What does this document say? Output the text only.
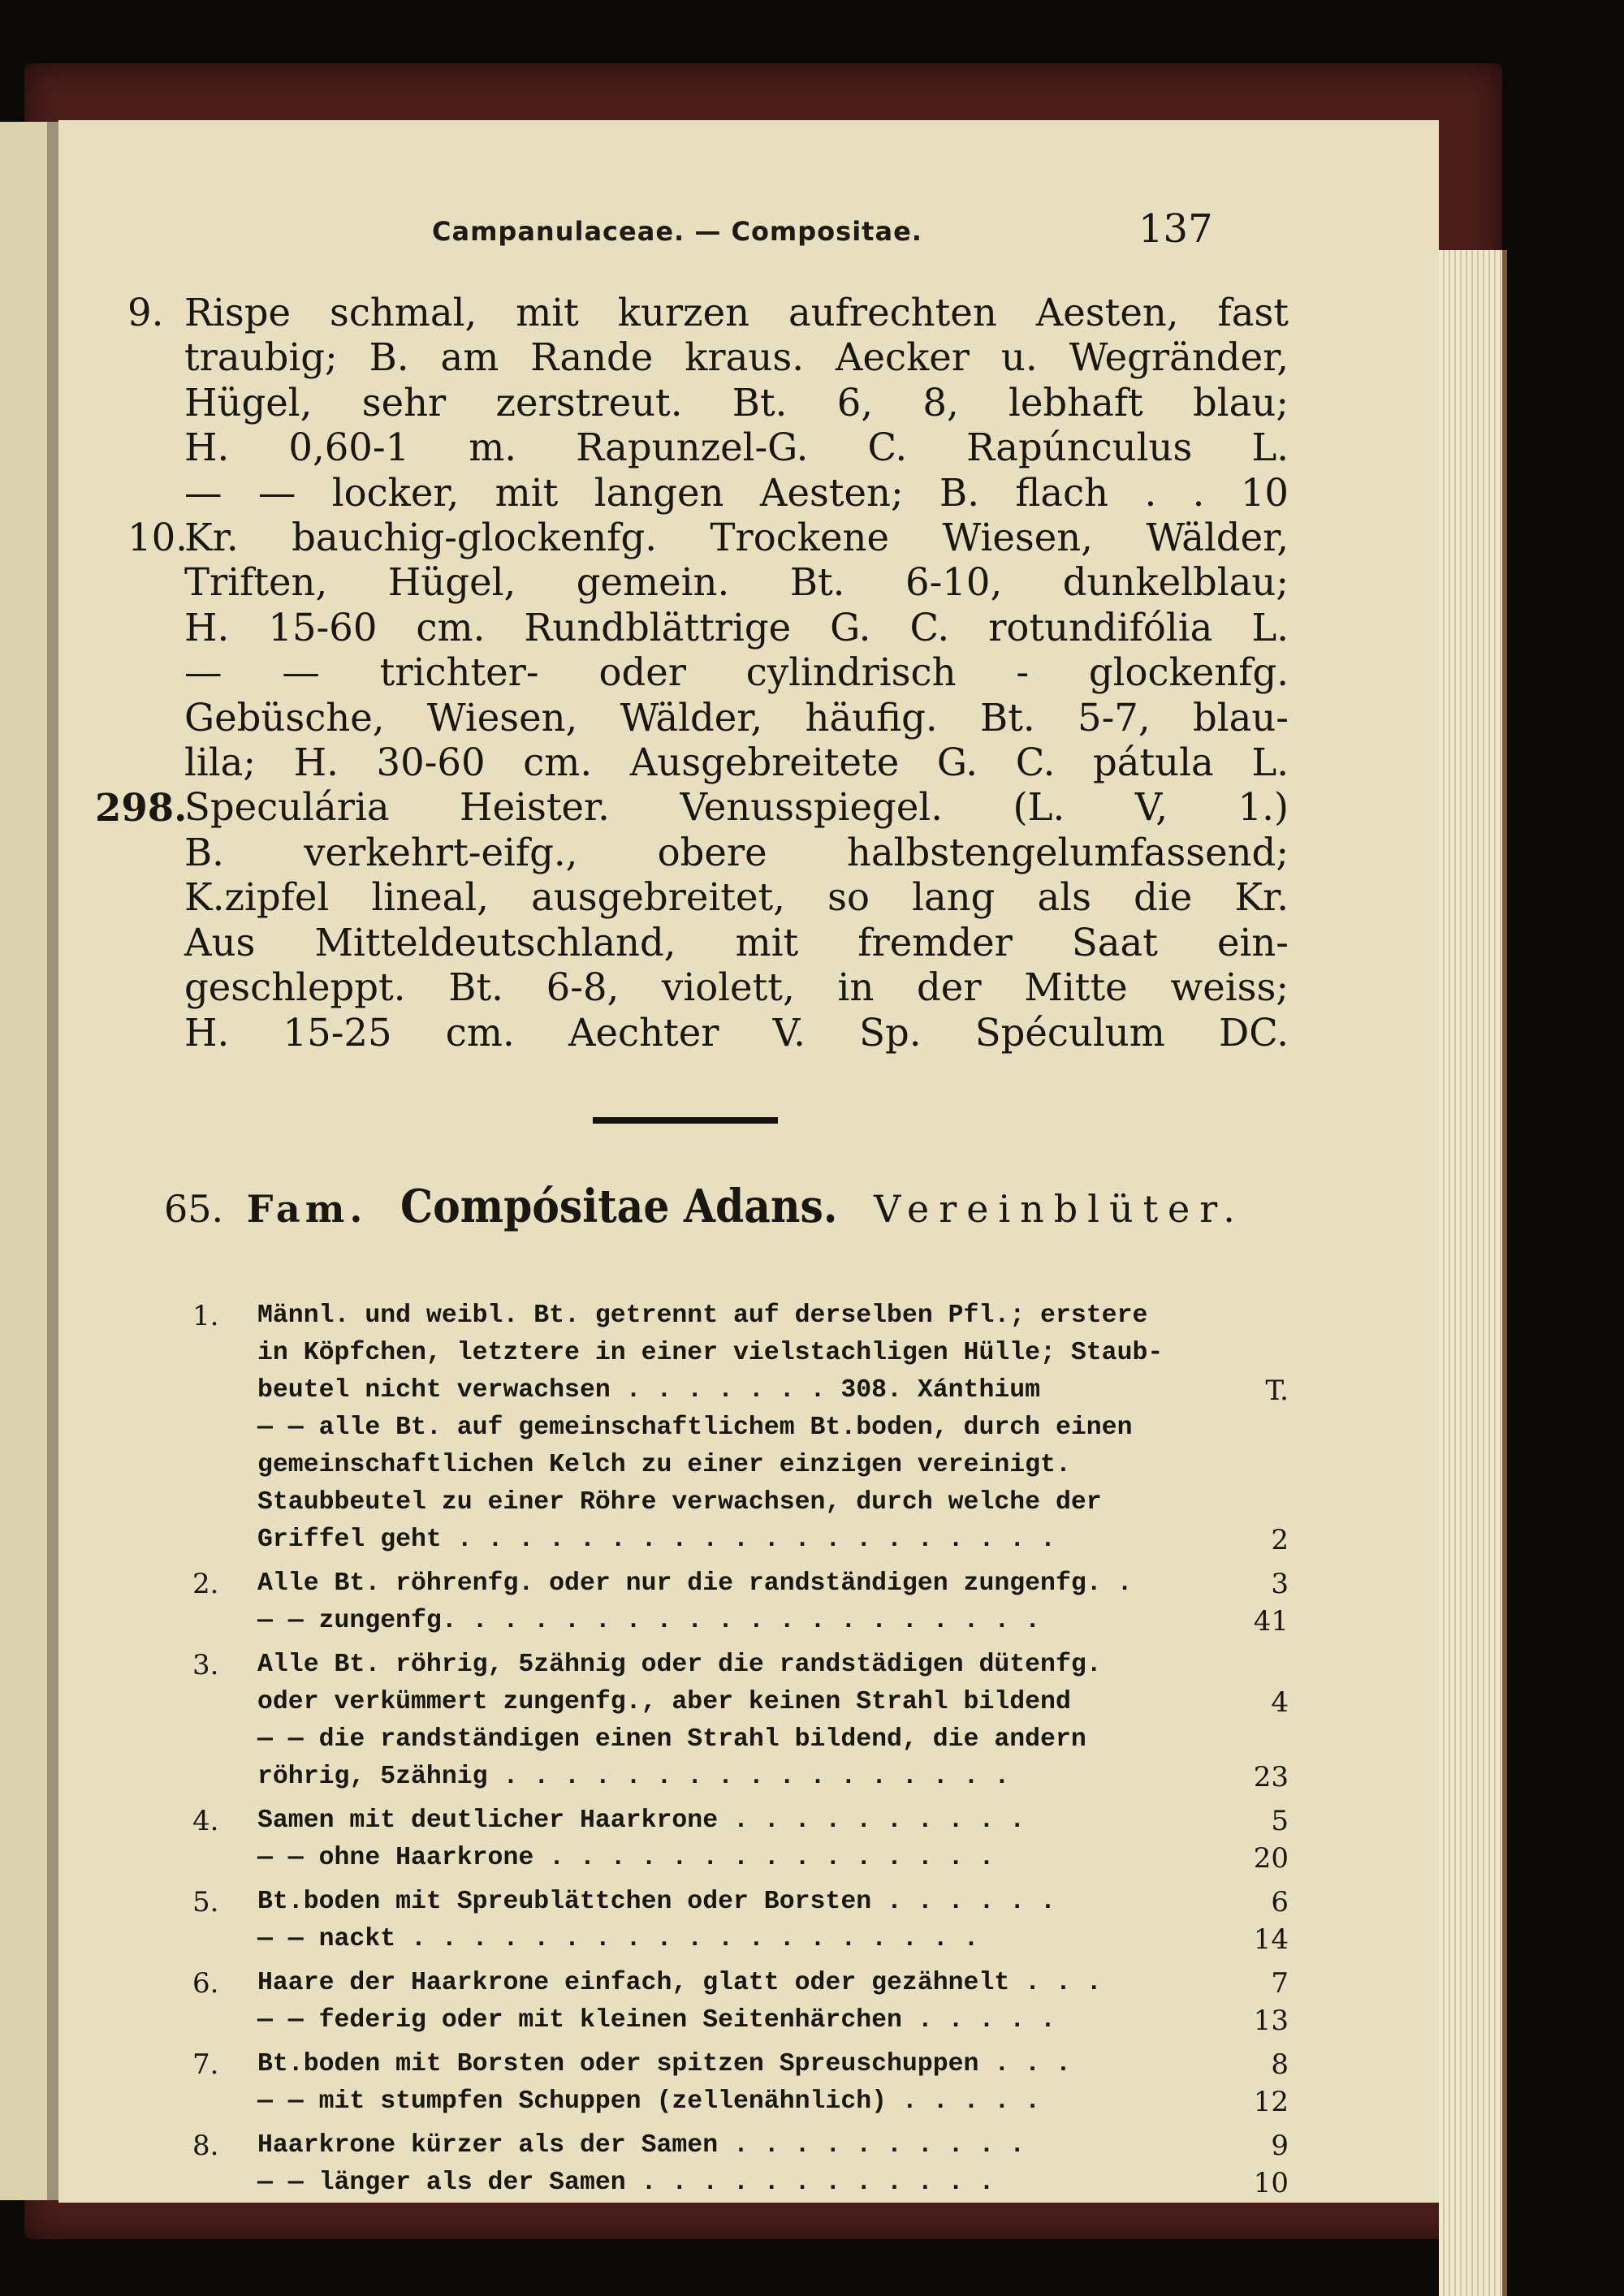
Campanulaceae. — Compositae.	137
9. Rispe schmal, mit kurzen aufrechten Aesten, fast
traubig; B. am Rande kraus. Aecker u. Wegränder,
Hügel, sehr zerstreut. Bt. 6, 8, lebhaft blau;
H. 0,60-1 m. Rapunzel-G. C. Rapúnculus L.
— — locker, mit langen Aesten; B. flach . . 10
10.
Kr. bauchig-glockenfg. Trockene Wiesen, Wälder,
Triften, Hügel, gemein. Bt. 6-10, dunkelblau;
H. 15-60 cm. Rundblättrige G. C. rotundifólia L.
— — trichter- oder cylindrisch - glockenfg.
Gebüsche, Wiesen, Wälder, häufig. Bt. 5-7, blau-
lila; H. 30-60 cm. Ausgebreitete G. C. pátula L.
298.
Speculária Heister. Venusspiegel. (L. V, 1.)
B. verkehrt-eifg., obere halbstengelumfassend;
K.zipfel lineal, ausgebreitet, so lang als die Kr.
Aus Mitteldeutschland, mit fremder Saat ein-
geschleppt. Bt. 6-8, violett, in der Mitte weiss;
H. 15-25 cm. Aechter V. Sp. Spéculum DC.
65. Fam. Compósitae Adans. Vereinblüter.
1. Männl. und weibl. Bt. getrennt auf derselben Pfl.; erstere
in Köpfchen, letztere in einer vielstachligen Hülle; Staub-
beutel nicht verwachsen . . . . . . . 308. Xánthium	T.
— — alle Bt. auf gemeinschaftlichem Bt.boden, durch einen
gemeinschaftlichen Kelch zu einer einzigen vereinigt.
Staubbeutel zu einer Röhre verwachsen, durch welche der
Griffel geht . . . . . . . . . . . . . . . . . . . .	2
2. Alle Bt. röhrenfg. oder nur die randständigen zungenfg. .	3
— — zungenfg. . . . . . . . . . . . . . . . . . . .	41
3. Alle Bt. röhrig, 5zähnig oder die randstädigen dütenfg.
oder verkümmert zungenfg., aber keinen Strahl bildend	4
— — die randständigen einen Strahl bildend, die andern
röhrig, 5zähnig . . . . . . . . . . . . . . . . .	23
4. Samen mit deutlicher Haarkrone . . . . . . . . . .	5
— — ohne Haarkrone . . . . . . . . . . . . . . .	20
5. Bt.boden mit Spreublättchen oder Borsten . . . . . .	6
— — nackt . . . . . . . . . . . . . . . . . . .	14
6. Haare der Haarkrone einfach, glatt oder gezähnelt . . .	7
— — federig oder mit kleinen Seitenhärchen . . . . .	13
7. Bt.boden mit Borsten oder spitzen Spreuschuppen . . .	8
— — mit stumpfen Schuppen (zellenähnlich) . . . . .	12
8. Haarkrone kürzer als der Samen . . . . . . . . . .	9
— — länger als der Samen . . . . . . . . . . . .	10
